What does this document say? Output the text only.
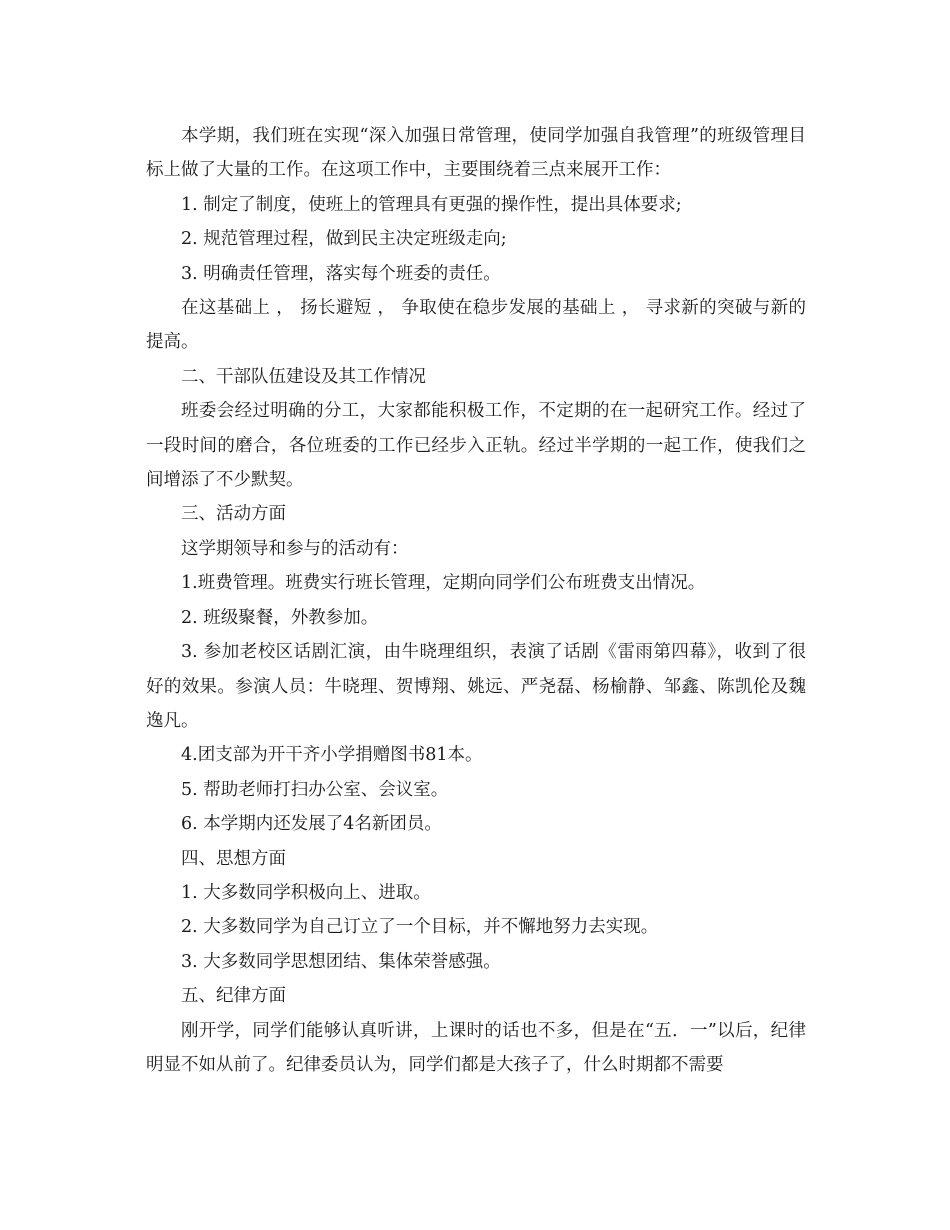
本学期，我们班在实现“深入加强日常管理，使同学加强自我管理”的班级管理目标上做了大量的工作。在这项工作中，主要围绕着三点来展开工作：

1. 制定了制度，使班上的管理具有更强的操作性，提出具体要求;

2. 规范管理过程，做到民主决定班级走向;

3. 明确责任管理，落实每个班委的责任。

在这基础上 ， 扬长避短 ， 争取使在稳步发展的基础上 ， 寻求新的突破与新的提高。

二、干部队伍建设及其工作情况

班委会经过明确的分工，大家都能积极工作，不定期的在一起研究工作。经过了一段时间的磨合，各位班委的工作已经步入正轨。经过半学期的一起工作，使我们之间增添了不少默契。

三、活动方面

这学期领导和参与的活动有：

1.班费管理。班费实行班长管理，定期向同学们公布班费支出情况。

2. 班级聚餐，外教参加。

3. 参加老校区话剧汇演，由牛晓理组织，表演了话剧《雷雨第四幕》，收到了很好的效果。参演人员：牛晓理、贺博翔、姚远、严尧磊、杨榆静、邹鑫、陈凯伦及魏逸凡。

4.团支部为开干齐小学捐赠图书81本。

5. 帮助老师打扫办公室、会议室。

6. 本学期内还发展了4名新团员。

四、思想方面

1. 大多数同学积极向上、进取。

2. 大多数同学为自己订立了一个目标，并不懈地努力去实现。

3. 大多数同学思想团结、集体荣誉感强。

五、纪律方面

刚开学，同学们能够认真听讲，上课时的话也不多，但是在“五．一”以后，纪律明显不如从前了。纪律委员认为，同学们都是大孩子了，什么时期都不需要
